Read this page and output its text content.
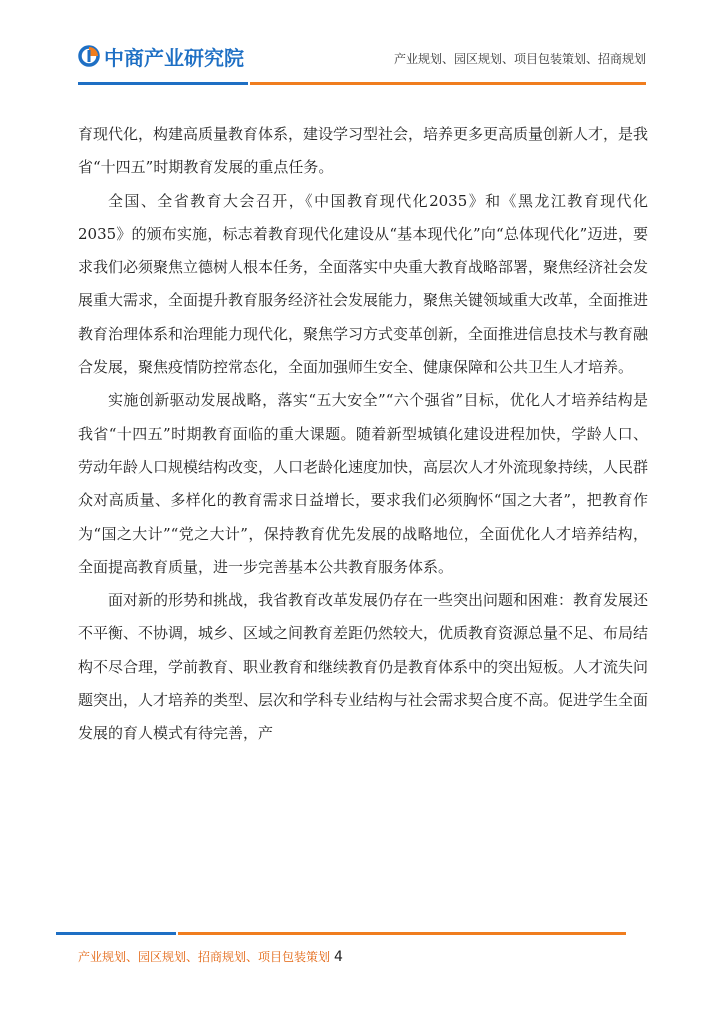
中商产业研究院	产业规划、园区规划、项目包装策划、招商规划

育现代化，构建高质量教育体系，建设学习型社会，培养更多更高质量创新人才，是我省“十四五”时期教育发展的重点任务。

全国、全省教育大会召开，《中国教育现代化2035》和《黑龙江教育现代化2035》的颁布实施，标志着教育现代化建设从“基本现代化”向“总体现代化”迈进，要求我们必须聚焦立德树人根本任务，全面落实中央重大教育战略部署，聚焦经济社会发展重大需求，全面提升教育服务经济社会发展能力，聚焦关键领域重大改革，全面推进教育治理体系和治理能力现代化，聚焦学习方式变革创新，全面推进信息技术与教育融合发展，聚焦疫情防控常态化，全面加强师生安全、健康保障和公共卫生人才培养。

实施创新驱动发展战略，落实“五大安全”“六个强省”目标，优化人才培养结构是我省“十四五”时期教育面临的重大课题。随着新型城镇化建设进程加快，学龄人口、劳动年龄人口规模结构改变，人口老龄化速度加快，高层次人才外流现象持续，人民群众对高质量、多样化的教育需求日益增长，要求我们必须胸怀“国之大者”，把教育作为“国之大计”“党之大计”，保持教育优先发展的战略地位，全面优化人才培养结构，全面提高教育质量，进一步完善基本公共教育服务体系。

面对新的形势和挑战，我省教育改革发展仍存在一些突出问题和困难：教育发展还不平衡、不协调，城乡、区域之间教育差距仍然较大，优质教育资源总量不足、布局结构不尽合理，学前教育、职业教育和继续教育仍是教育体系中的突出短板。人才流失问题突出，人才培养的类型、层次和学科专业结构与社会需求契合度不高。促进学生全面发展的育人模式有待完善，产

产业规划、园区规划、招商规划、项目包装策划 4
